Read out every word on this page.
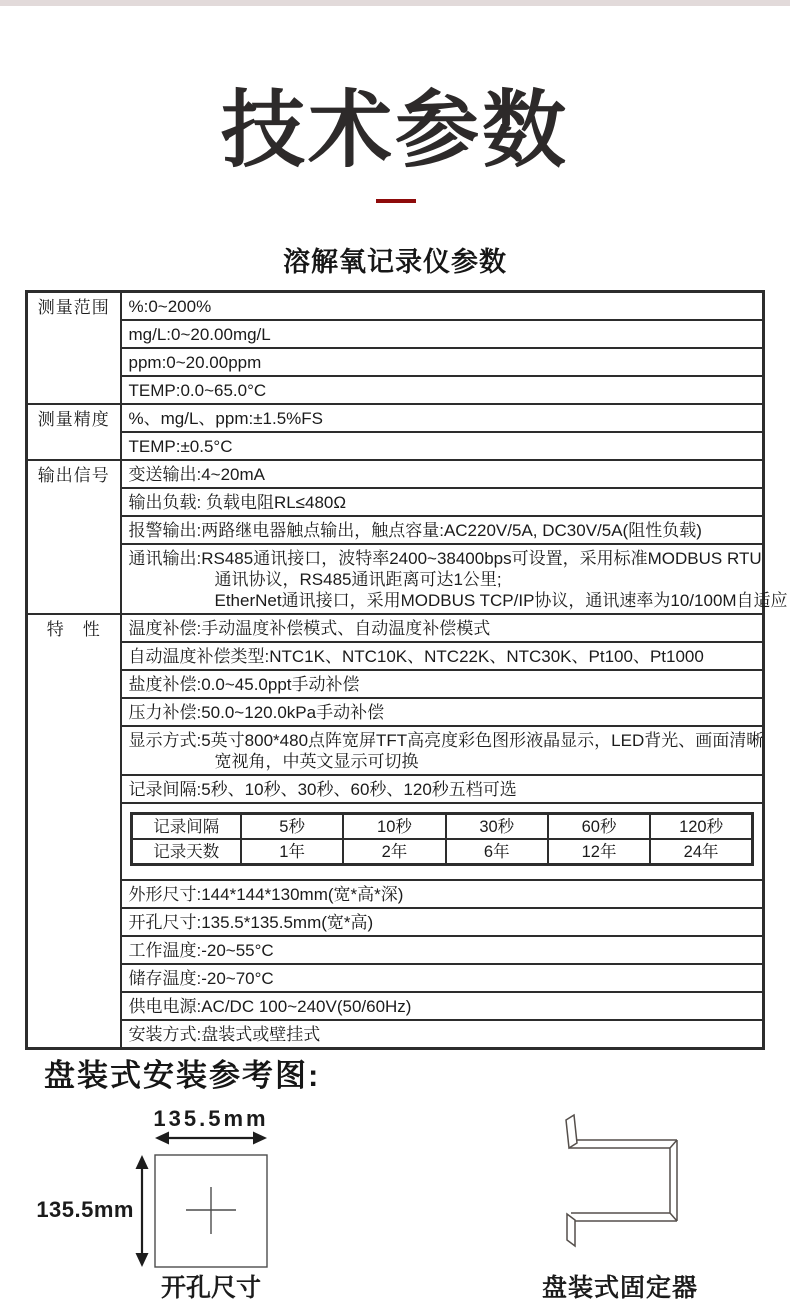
技术参数
溶解氧记录仪参数
测量范围	%:0~200%
mg/L:0~20.00mg/L
ppm:0~20.00ppm
TEMP:0.0~65.0°C
测量精度	%、mg/L、ppm:±1.5%FS
TEMP:±0.5°C
输出信号	变送输出:4~20mA
输出负载: 负载电阻RL≤480Ω
报警输出:两路继电器触点输出，触点容量:AC220V/5A, DC30V/5A(阻性负载)

通讯输出:RS485通讯接口，波特率2400~38400bps可设置，采用标准MODBUS RTU
通讯协议，RS485通讯距离可达1公里;
EtherNet通讯接口，采用MODBUS TCP/IP协议，通讯速率为10/100M自适应

特　性	温度补偿:手动温度补偿模式、自动温度补偿模式
自动温度补偿类型:NTC1K、NTC10K、NTC22K、NTC30K、Pt100、Pt1000
盐度补偿:0.0~45.0ppt手动补偿
压力补偿:50.0~120.0kPa手动补偿

显示方式:5英寸800*480点阵宽屏TFT高亮度彩色图形液晶显示，LED背光、画面清晰
宽视角，中英文显示可切换

记录间隔:5秒、10秒、30秒、60秒、120秒五档可选

记录间隔	5秒	10秒	30秒	60秒	120秒
记录天数	1年	2年	6年	12年	24年

外形尺寸:144*144*130mm(宽*高*深)
开孔尺寸:135.5*135.5mm(宽*高)
工作温度:-20~55°C
储存温度:-20~70°C
供电电源:AC/DC 100~240V(50/60Hz)
安装方式:盘装式或壁挂式
盘装式安装参考图:
135.5mm
135.5mm
开孔尺寸	盘装式固定器
